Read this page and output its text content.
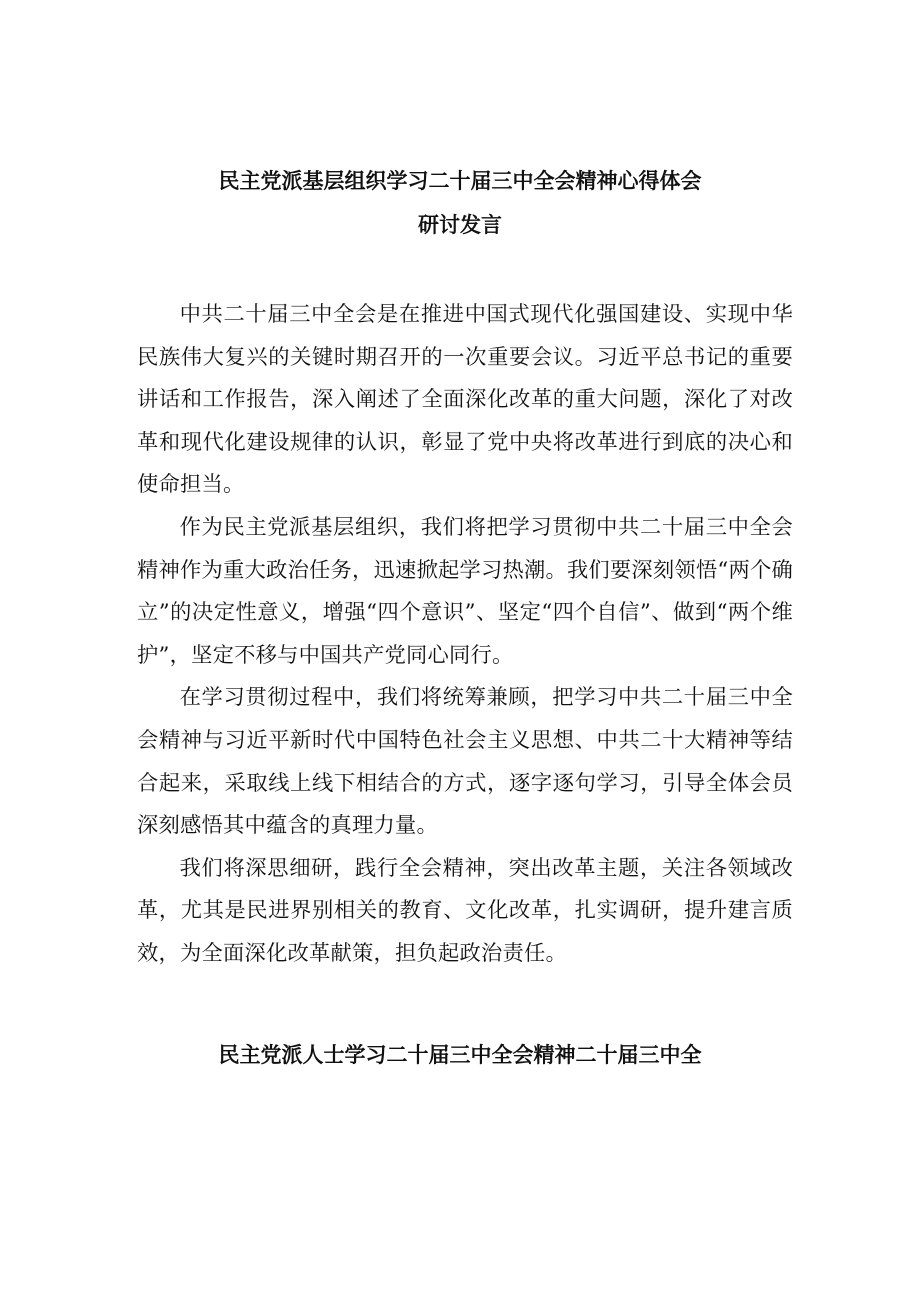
民主党派基层组织学习二十届三中全会精神心得体会
研讨发言

中共二十届三中全会是在推进中国式现代化强国建设、实现中华民族伟大复兴的关键时期召开的一次重要会议。习近平总书记的重要讲话和工作报告，深入阐述了全面深化改革的重大问题，深化了对改革和现代化建设规律的认识，彰显了党中央将改革进行到底的决心和使命担当。

作为民主党派基层组织，我们将把学习贯彻中共二十届三中全会精神作为重大政治任务，迅速掀起学习热潮。我们要深刻领悟“两个确立”的决定性意义，增强“四个意识”、坚定“四个自信”、做到“两个维护”，坚定不移与中国共产党同心同行。

在学习贯彻过程中，我们将统筹兼顾，把学习中共二十届三中全会精神与习近平新时代中国特色社会主义思想、中共二十大精神等结合起来，采取线上线下相结合的方式，逐字逐句学习，引导全体会员深刻感悟其中蕴含的真理力量。

我们将深思细研，践行全会精神，突出改革主题，关注各领域改革，尤其是民进界别相关的教育、文化改革，扎实调研，提升建言质效，为全面深化改革献策，担负起政治责任。

民主党派人士学习二十届三中全会精神二十届三中全
